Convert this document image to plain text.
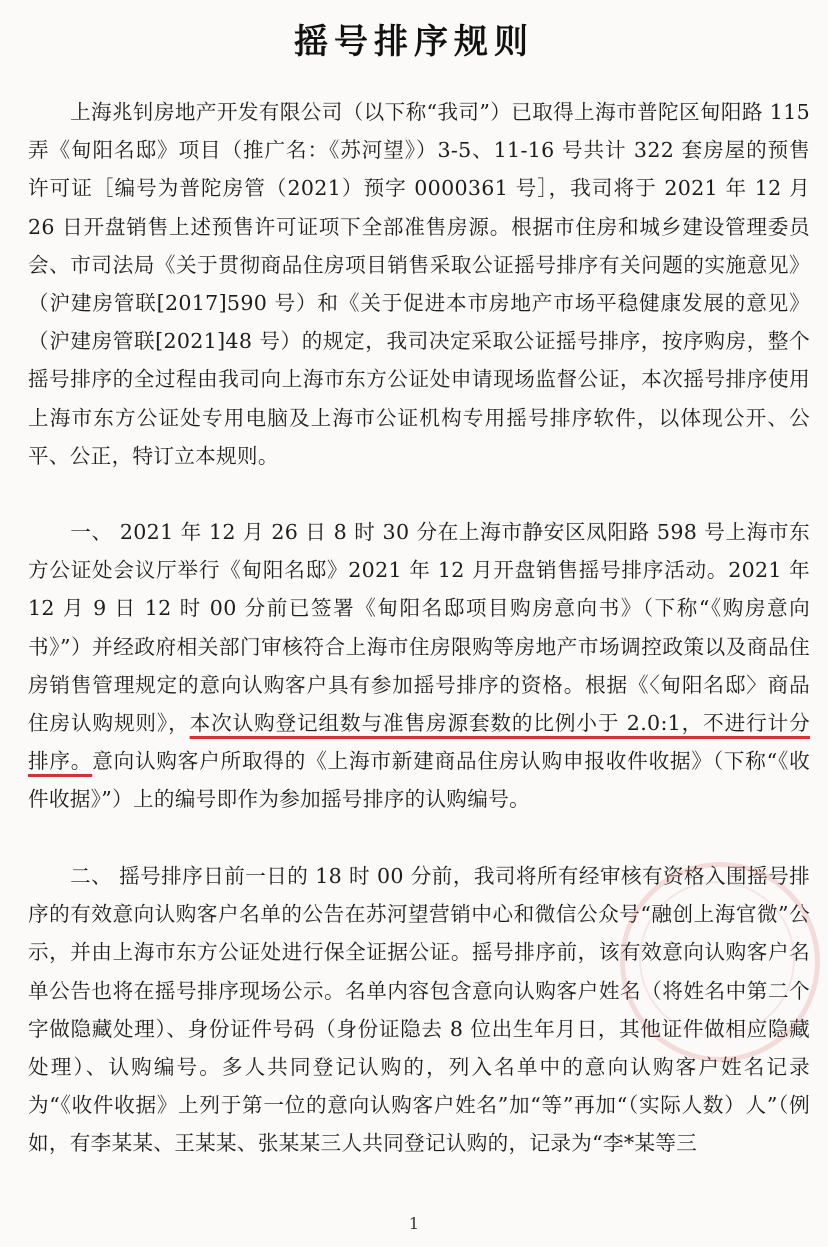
摇号排序规则
上海兆钊房地产开发有限公司（以下称“我司”）已取得上海市普陀区甸阳路 115 弄《甸阳名邸》项目（推广名：《苏河望》）3-5、11-16 号共计 322 套房屋的预售许可证［编号为普陀房管（2021）预字 0000361 号］，我司将于 2021 年 12 月 26 日开盘销售上述预售许可证项下全部准售房源。根据市住房和城乡建设管理委员会、市司法局《关于贯彻商品住房项目销售采取公证摇号排序有关问题的实施意见》（沪建房管联[2017]590 号）和《关于促进本市房地产市场平稳健康发展的意见》（沪建房管联[2021]48 号）的规定，我司决定采取公证摇号排序，按序购房，整个摇号排序的全过程由我司向上海市东方公证处申请现场监督公证，本次摇号排序使用上海市东方公证处专用电脑及上海市公证机构专用摇号排序软件，以体现公开、公平、公正，特订立本规则。
一、 2021 年 12 月 26 日 8 时 30 分在上海市静安区凤阳路 598 号上海市东方公证处会议厅举行《甸阳名邸》2021 年 12 月开盘销售摇号排序活动。2021 年 12 月 9 日 12 时 00 分前已签署《甸阳名邸项目购房意向书》（下称“《购房意向书》”）并经政府相关部门审核符合上海市住房限购等房地产市场调控政策以及商品住房销售管理规定的意向认购客户具有参加摇号排序的资格。根据《〈甸阳名邸〉商品住房认购规则》，本次认购登记组数与准售房源套数的比例小于 2.0:1，不进行计分排序。意向认购客户所取得的《上海市新建商品住房认购申报收件收据》（下称“《收件收据》”）上的编号即作为参加摇号排序的认购编号。
二、 摇号排序日前一日的 18 时 00 分前，我司将所有经审核有资格入围摇号排序的有效意向认购客户名单的公告在苏河望营销中心和微信公众号“融创上海官微”公示，并由上海市东方公证处进行保全证据公证。摇号排序前，该有效意向认购客户名单公告也将在摇号排序现场公示。名单内容包含意向认购客户姓名（将姓名中第二个字做隐藏处理）、身份证件号码（身份证隐去 8 位出生年月日，其他证件做相应隐藏处理）、认购编号。多人共同登记认购的，列入名单中的意向认购客户姓名记录为“《收件收据》上列于第一位的意向认购客户姓名”加“等”再加“（实际人数）人”（例如，有李某某、王某某、张某某三人共同登记认购的，记录为“李*某等三
1
